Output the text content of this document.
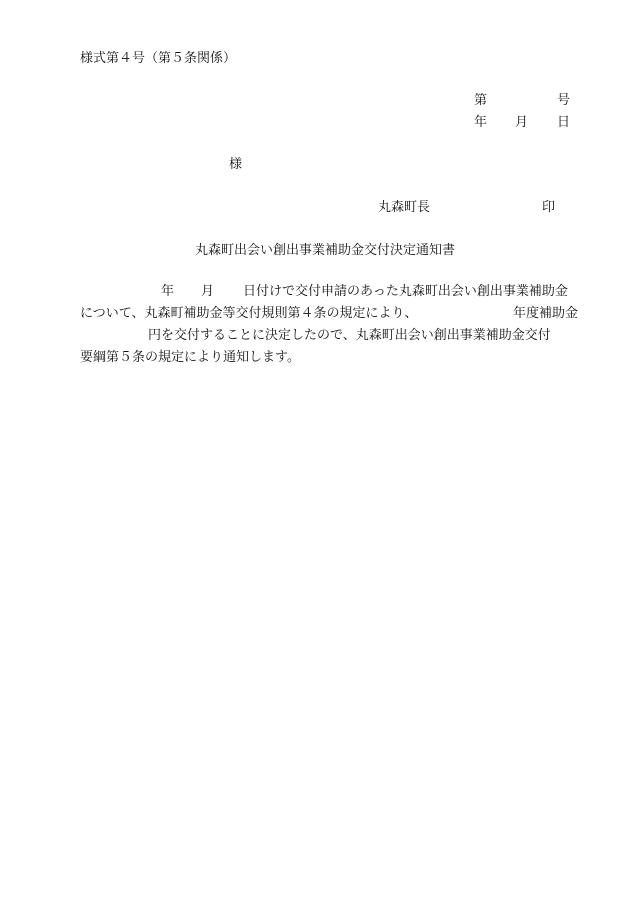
様式第４号（第５条関係）
第	号
年 月 日
様
丸森町長	印
丸森町出会い創出事業補助金交付決定通知書

年

月

日付けで交付申請のあった丸森町出会い創出事業補助金

について、丸森町補助金等交付規則第４条の規定により、

	年度補助金

円を交付することに決定したので、丸森町出会い創出事業補助金交付

要綱第５条の規定により通知します。
